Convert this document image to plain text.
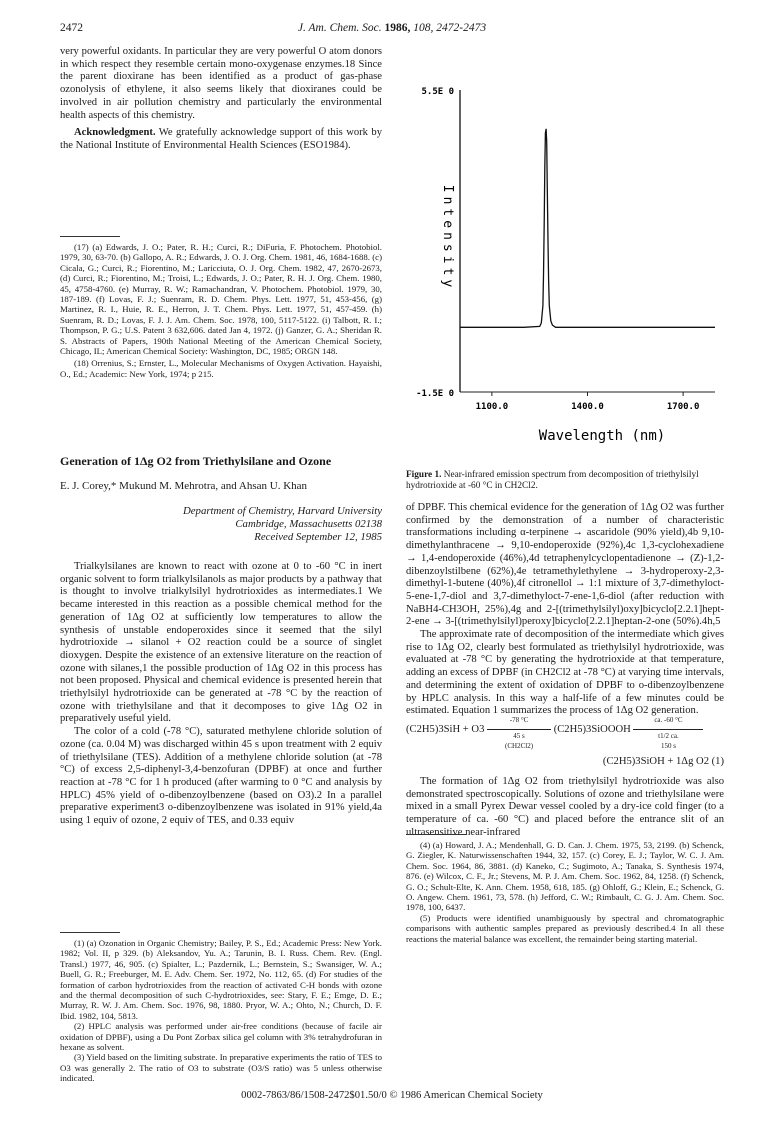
2472	J. Am. Chem. Soc. 1986, 108, 2472-2473

very powerful oxidants. In particular they are very powerful O atom donors in which respect they resemble certain mono-oxygenase enzymes.18 Since the parent dioxirane has been identified as a product of gas-phase ozonolysis of ethylene, it also seems likely that dioxiranes could be involved in air pollution chemistry and particularly the environmental health aspects of this chemistry.

Acknowledgment. We gratefully acknowledge support of this work by the National Institute of Environmental Health Sciences (ESO1984).

(17) (a) Edwards, J. O.; Pater, R. H.; Curci, R.; DiFuria, F. Photochem. Photobiol. 1979, 30, 63-70. (b) Gallopo, A. R.; Edwards, J. O. J. Org. Chem. 1981, 46, 1684-1688. (c) Cicala, G.; Curci, R.; Fiorentino, M.; Laricciuta, O. J. Org. Chem. 1982, 47, 2670-2673, (d) Curci, R.; Fiorentino, M.; Troisi, L.; Edwards, J. O.; Pater, R. H. J. Org. Chem. 1980, 45, 4758-4760. (e) Murray, R. W.; Ramachandran, V. Photochem. Photobiol. 1979, 30, 187-189. (f) Lovas, F. J.; Suenram, R. D. Chem. Phys. Lett. 1977, 51, 453-456, (g) Martinez, R. I., Huie, R. E., Herron, J. T. Chem. Phys. Lett. 1977, 51, 457-459. (h) Suenram, R. D.; Lovas, F. J. J. Am. Chem. Soc. 1978, 100, 5117-5122. (i) Talbott, R. I.; Thompson, P. G.; U.S. Patent 3 632,606. dated Jan 4, 1972. (j) Ganzer, G. A.; Sheridan R. S. Abstracts of Papers, 190th National Meeting of the American Chemical Society, Chicago, IL; American Chemical Society: Washington, DC, 1985; ORGN 148.

(18) Orrenius, S.; Ernster, L., Molecular Mechanisms of Oxygen Activation. Hayaishi, O., Ed.; Academic: New York, 1974; p 215.

Generation of 1Δg O2 from Triethylsilane and Ozone
E. J. Corey,* Mukund M. Mehrotra, and Ahsan U. Khan
Department of Chemistry, Harvard University
Cambridge, Massachusetts 02138
Received September 12, 1985

Trialkylsilanes are known to react with ozone at 0 to -60 °C in inert organic solvent to form trialkylsilanols as major products by a pathway that is thought to involve trialkylsilyl hydrotrioxides as intermediates.1 We became interested in this reaction as a possible chemical method for the generation of 1Δg O2 at sufficiently low temperatures to allow the synthesis of unstable endoperoxides since it seemed that the silyl hydrotrioxide → silanol + O2 reaction could be a source of singlet dioxygen. Despite the existence of an extensive literature on the reaction of ozone with silanes,1 the possible production of 1Δg O2 in this process has not been proposed. Physical and chemical evidence is presented herein that triethylsilyl hydrotrioxide can be generated at -78 °C by the reaction of ozone with triethylsilane and that it decomposes to give 1Δg O2 in preparatively useful yield.

The color of a cold (-78 °C), saturated methylene chloride solution of ozone (ca. 0.04 M) was discharged within 45 s upon treatment with 2 equiv of triethylsilane (TES). Addition of a methylene chloride solution (at -78 °C) of excess 2,5-diphenyl-3,4-benzofuran (DPBF) at once and further reaction at -78 °C for 1 h produced (after warming to 0 °C and analysis by HPLC) 45% yield of o-dibenzoylbenzene (based on O3).2 In a parallel preparative experiment3 o-dibenzoylbenzene was isolated in 91% yield,4a using 1 equiv of ozone, 2 equiv of TES, and 0.33 equiv

(1) (a) Ozonation in Organic Chemistry; Bailey, P. S., Ed.; Academic Press: New York. 1982; Vol. II, p 329. (b) Aleksandov, Yu. A.; Tarunin, B. I. Russ. Chem. Rev. (Engl. Transl.) 1977, 46, 905. (c) Spialter, L.; Pazdernik, L.; Bernstein, S.; Swansiger, W. A.; Buell, G. R.; Freeburger, M. E. Adv. Chem. Ser. 1972, No. 112, 65. (d) For studies of the formation of carbon hydrotrioxides from the reaction of activated C-H bonds with ozone and the thermal decomposition of such C-hydrotrioxides, see: Stary, F. E.; Emge, D. E.; Murray, R. W. J. Am. Chem. Soc. 1976, 98, 1880. Pryor, W. A.; Ohto, N.; Church, D. F. Ibid. 1982, 104, 5813.

(2) HPLC analysis was performed under air-free conditions (because of facile air oxidation of DPBF), using a Du Pont Zorbax silica gel column with 3% tetrahydrofuran in hexane as solvent.

(3) Yield based on the limiting substrate. In preparative experiments the ratio of TES to O3 was generally 2. The ratio of O3 to substrate (O3/S ratio) was 5 unless otherwise indicated.

5.5E 0
-1.5E 0
Intensity
1100.0	1400.0	1700.0
Wavelength (nm)
Figure 1. Near-infrared emission spectrum from decomposition of triethylsilyl hydrotrioxide at -60 °C in CH2Cl2.

of DPBF. This chemical evidence for the generation of 1Δg O2 was further confirmed by the demonstration of a number of characteristic transformations including α-terpinene → ascaridole (90% yield),4b 9,10-dimethylanthracene → 9,10-endoperoxide (92%),4c 1,3-cyclohexadiene → 1,4-endoperoxide (46%),4d tetraphenylcyclopentadienone → (Z)-1,2-dibenzoylstilbene (62%),4e tetramethylethylene → 3-hydroperoxy-2,3-dimethyl-1-butene (40%),4f citronellol → 1:1 mixture of 3,7-dimethyloct-5-ene-1,7-diol and 3,7-dimethyloct-7-ene-1,6-diol (after reduction with NaBH4-CH3OH, 25%),4g and 2-[(trimethylsilyl)oxy]bicyclo[2.2.1]hept-2-ene → 3-[(trimethylsilyl)peroxy]bicyclo[2.2.1]heptan-2-one (50%).4h,5

The approximate rate of decomposition of the intermediate which gives rise to 1Δg O2, clearly best formulated as triethylsilyl hydrotrioxide, was evaluated at -78 °C by generating the hydrotrioxide at that temperature, adding an excess of DPBF (in CH2Cl2 at -78 °C) at varying time intervals, and determining the extent of oxidation of DPBF to o-dibenzoylbenzene by HPLC analysis. In this way a half-life of a few minutes could be estimated. Equation 1 summarizes the process of 1Δg O2 generation.

(C2H5)3SiH + O3
-78 °C
45 s
(CH2Cl2)
(C2H5)3SiOOOH
ca. -60 °C
t1/2 ca.
150 s
(C2H5)3SiOH + 1Δg O2 (1)

The formation of 1Δg O2 from triethylsilyl hydrotrioxide was also demonstrated spectroscopically. Solutions of ozone and triethylsilane were mixed in a small Pyrex Dewar vessel cooled by a dry-ice cold finger (to a temperature of ca. -60 °C) and placed before the entrance slit of an ultrasensitive near-infrared

(4) (a) Howard, J. A.; Mendenhall, G. D. Can. J. Chem. 1975, 53, 2199. (b) Schenck, G. Ziegler, K. Naturwissenschaften 1944, 32, 157. (c) Corey, E. J.; Taylor, W. C. J. Am. Chem. Soc. 1964, 86, 3881. (d) Kaneko, C.; Sugimoto, A.; Tanaka, S. Synthesis 1974, 876. (e) Wilcox, C. F., Jr.; Stevens, M. P. J. Am. Chem. Soc. 1962, 84, 1258. (f) Schenck, G. O.; Schult-Elte, K. Ann. Chem. 1958, 618, 185. (g) Ohloff, G.; Klein, E.; Schenck, G. O. Angew. Chem. 1961, 73, 578. (h) Jefford, C. W.; Rimbault, C. G. J. Am. Chem. Soc. 1978, 100, 6437.

(5) Products were identified unambiguously by spectral and chromatographic comparisons with authentic samples prepared as previously described.4 In all these reactions the material balance was excellent, the remainder being starting material.

0002-7863/86/1508-2472$01.50/0 © 1986 American Chemical Society
